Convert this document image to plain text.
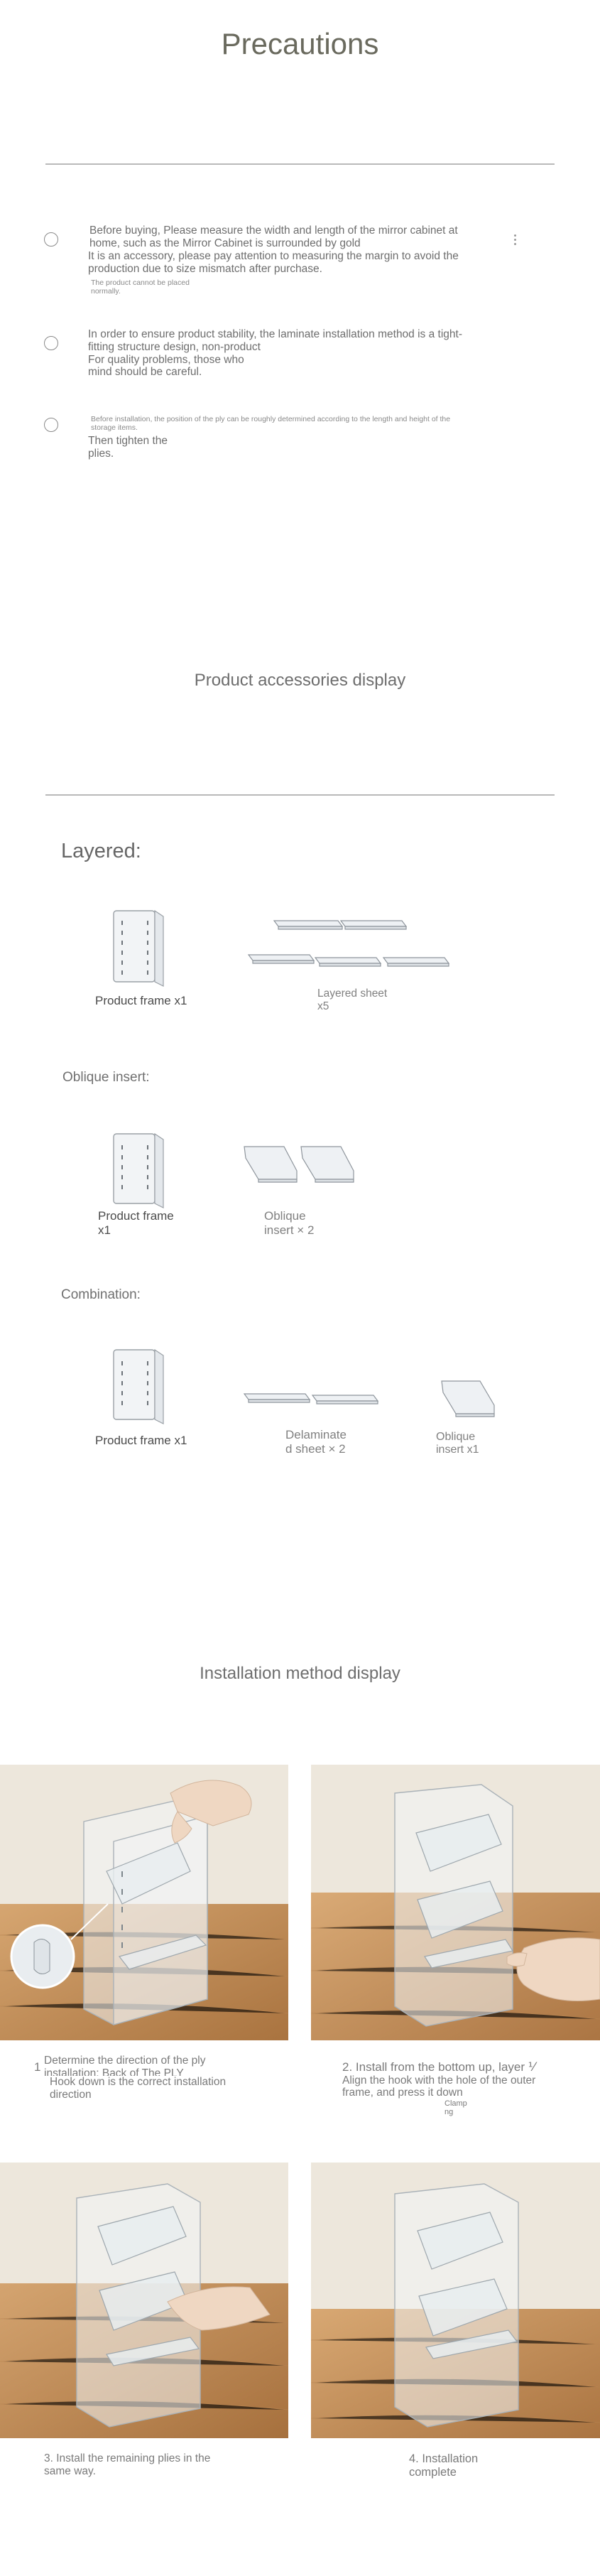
Precautions
Before buying, Please measure the width and length of the mirror cabinet at
home, such as the Mirror Cabinet is surrounded by gold
It is an accessory, please pay attention to measuring the margin to avoid the
production due to size mismatch after purchase.
The product cannot be placed
normally.
In order to ensure product stability, the laminate installation method is a tight-
fitting structure design, non-product
For quality problems, those who
mind should be careful.
Before installation, the position of the ply can be roughly determined according to the length and height of the
storage items.
Then tighten the
plies.
Product accessories display
Layered:
Product frame x1
Layered sheet
x5
Oblique insert:
Product frame
x1
Oblique
insert × 2
Combination:
Product frame x1	Delaminate
d sheet × 2
Oblique
insert x1
Installation method display
1 Determine the direction of the ply
installation: Back of The PLY
Hook down is the correct installation
direction
2. Install from the bottom up, layer ⅟
Align the hook with the hole of the outer
frame, and press it down
Clamp
ng
3. Install the remaining plies in the
same way.
4. Installation
complete
